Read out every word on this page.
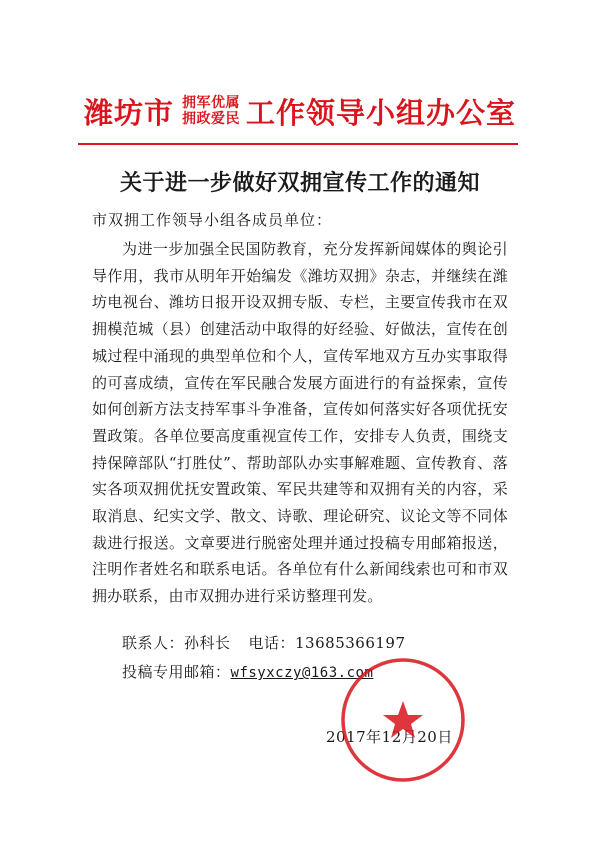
潍坊市 拥军优属
拥政爱民 工作领导小组办公室
关于进一步做好双拥宣传工作的通知
市双拥工作领导小组各成员单位：

为进一步加强全民国防教育，充分发挥新闻媒体的舆论引导作用，我市从明年开始编发《潍坊双拥》杂志，并继续在潍坊电视台、潍坊日报开设双拥专版、专栏，主要宣传我市在双拥模范城（县）创建活动中取得的好经验、好做法，宣传在创城过程中涌现的典型单位和个人，宣传军地双方互办实事取得的可喜成绩，宣传在军民融合发展方面进行的有益探索，宣传如何创新方法支持军事斗争准备，宣传如何落实好各项优抚安置政策。各单位要高度重视宣传工作，安排专人负责，围绕支持保障部队“打胜仗”、帮助部队办实事解难题、宣传教育、落实各项双拥优抚安置政策、军民共建等和双拥有关的内容，采取消息、纪实文学、散文、诗歌、理论研究、议论文等不同体裁进行报送。文章要进行脱密处理并通过投稿专用邮箱报送，注明作者姓名和联系电话。各单位有什么新闻线索也可和市双拥办联系，由市双拥办进行采访整理刊发。

联系人：孙科长 电话：13685366197
投稿专用邮箱：wfsyxczy@163.com
2017年12月20日
